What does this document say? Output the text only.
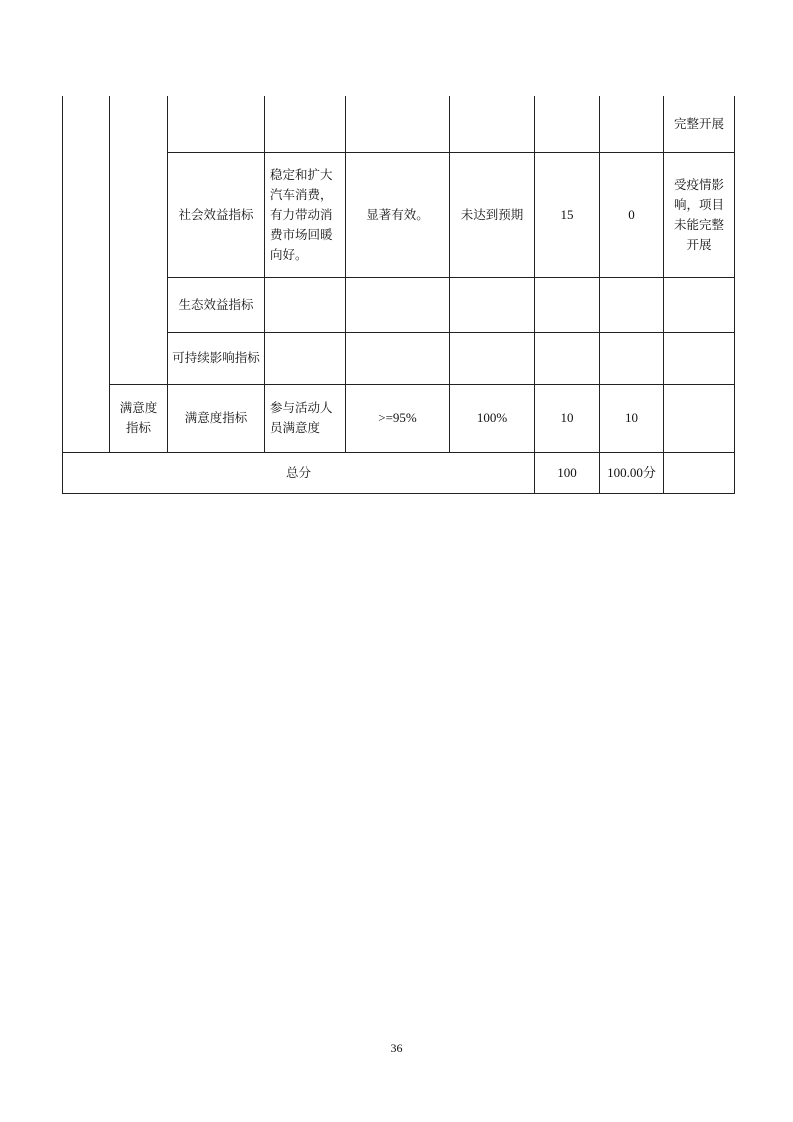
								完整开展
		社会效益指标	稳定和扩大汽车消费，有力带动消费市场回暖向好。	显著有效。	未达到预期	15	0	受疫情影响，项目未能完整开展
		生态效益指标						
		可持续影响指标						
	满意度指标	满意度指标	参与活动人员满意度	>=95%	100%	10	10	
总分						100	100.00分	
36
